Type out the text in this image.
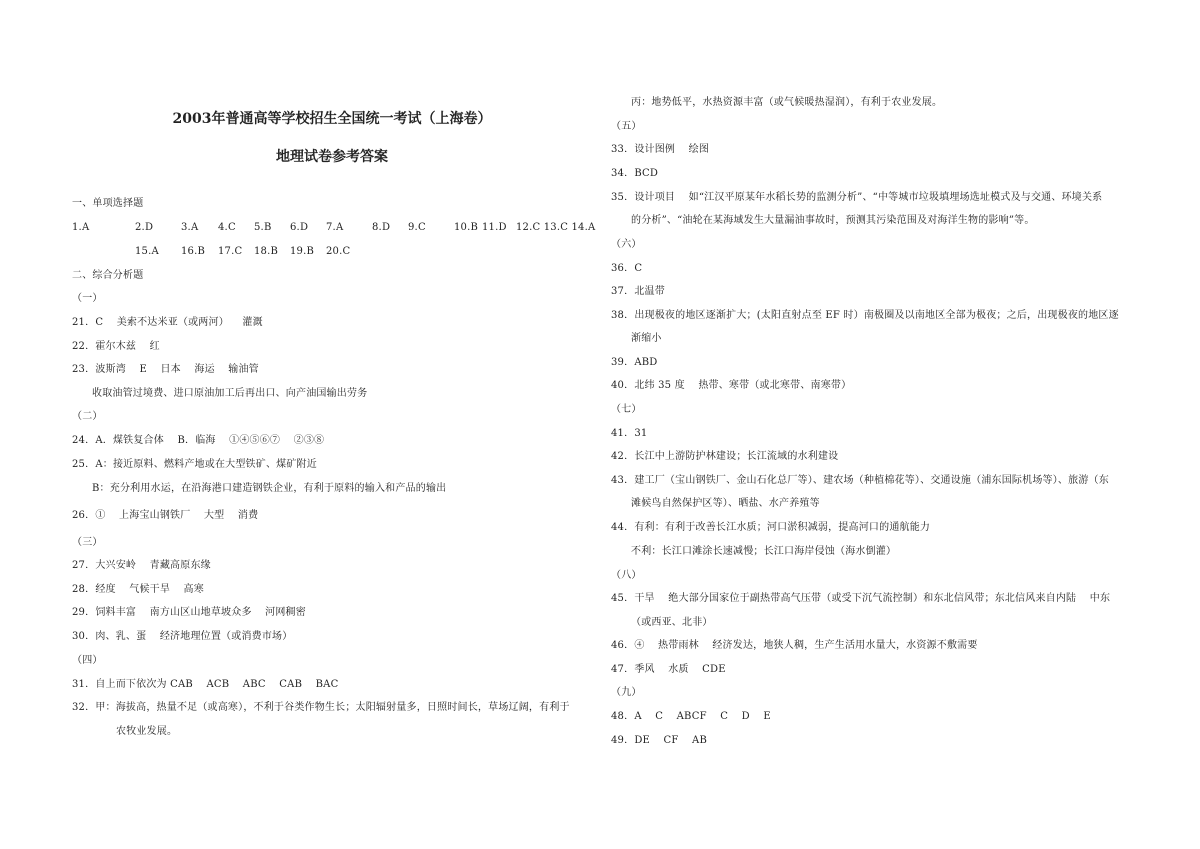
2003年普通高等学校招生全国统一考试（上海卷）
地理试卷参考答案
一、单项选择题
1.A	2.D	3.A 4.C 5.B 6.D 7.A	8.D 9.C	10.B 11.D 12.C 13.C 14.A
15.A 16.B 17.C 18.B 19.B 20.C
二、综合分析题
（一）
21．C    美索不达米亚（或两河）    灌溉
22．霍尔木兹    红
23．波斯湾    E    日本    海运    输油管
收取油管过境费、进口原油加工后再出口、向产油国输出劳务
（二）
24．A．煤铁复合体    B．临海    ①④⑤⑥⑦    ②③⑧
25．A：接近原料、燃料产地或在大型铁矿、煤矿附近
B：充分利用水运，在沿海港口建造钢铁企业，有利于原料的输入和产品的输出
26．①    上海宝山钢铁厂    大型    消费
（三）
27．大兴安岭    青藏高原东缘
28．经度    气候干旱    高寒
29．饲料丰富    南方山区山地草坡众多    河网稠密
30．肉、乳、蛋    经济地理位置（或消费市场）
（四）
31．自上而下依次为 CAB    ACB    ABC    CAB    BAC
32．甲：海拔高，热量不足（或高寒），不利于谷类作物生长；太阳辐射量多，日照时间长，草场辽阔，有利于
农牧业发展。
丙：地势低平，水热资源丰富（或气候暖热湿润），有利于农业发展。
（五）
33．设计图例    绘图
34．BCD
35．设计项目    如“江汉平原某年水稻长势的监测分析”、“中等城市垃圾填埋场选址模式及与交通、环境关系
的分析”、“油轮在某海域发生大量漏油事故时，预测其污染范围及对海洋生物的影响”等。
（六）
36．C
37．北温带
38．出现极夜的地区逐渐扩大；(太阳直射点至 EF 时）南极圈及以南地区全部为极夜；之后，出现极夜的地区逐
渐缩小
39．ABD
40．北纬 35 度    热带、寒带（或北寒带、南寒带）
（七）
41．31
42．长江中上游防护林建设；长江流域的水利建设
43．建工厂（宝山钢铁厂、金山石化总厂等）、建农场（种植棉花等）、交通设施（浦东国际机场等）、旅游（东
滩候鸟自然保护区等）、晒盐、水产养殖等
44．有利：有利于改善长江水质；河口淤积减弱，提高河口的通航能力
不利：长江口滩涂长速减慢；长江口海岸侵蚀（海水倒灌）
（八）
45．干旱    绝大部分国家位于副热带高气压带（或受下沉气流控制）和东北信风带；东北信风来自内陆    中东
（或西亚、北非）
46．④    热带雨林    经济发达，地狭人稠，生产生活用水量大，水资源不敷需要
47．季风    水质    CDE
（九）
48．A    C    ABCF    C    D    E
49．DE    CF    AB
